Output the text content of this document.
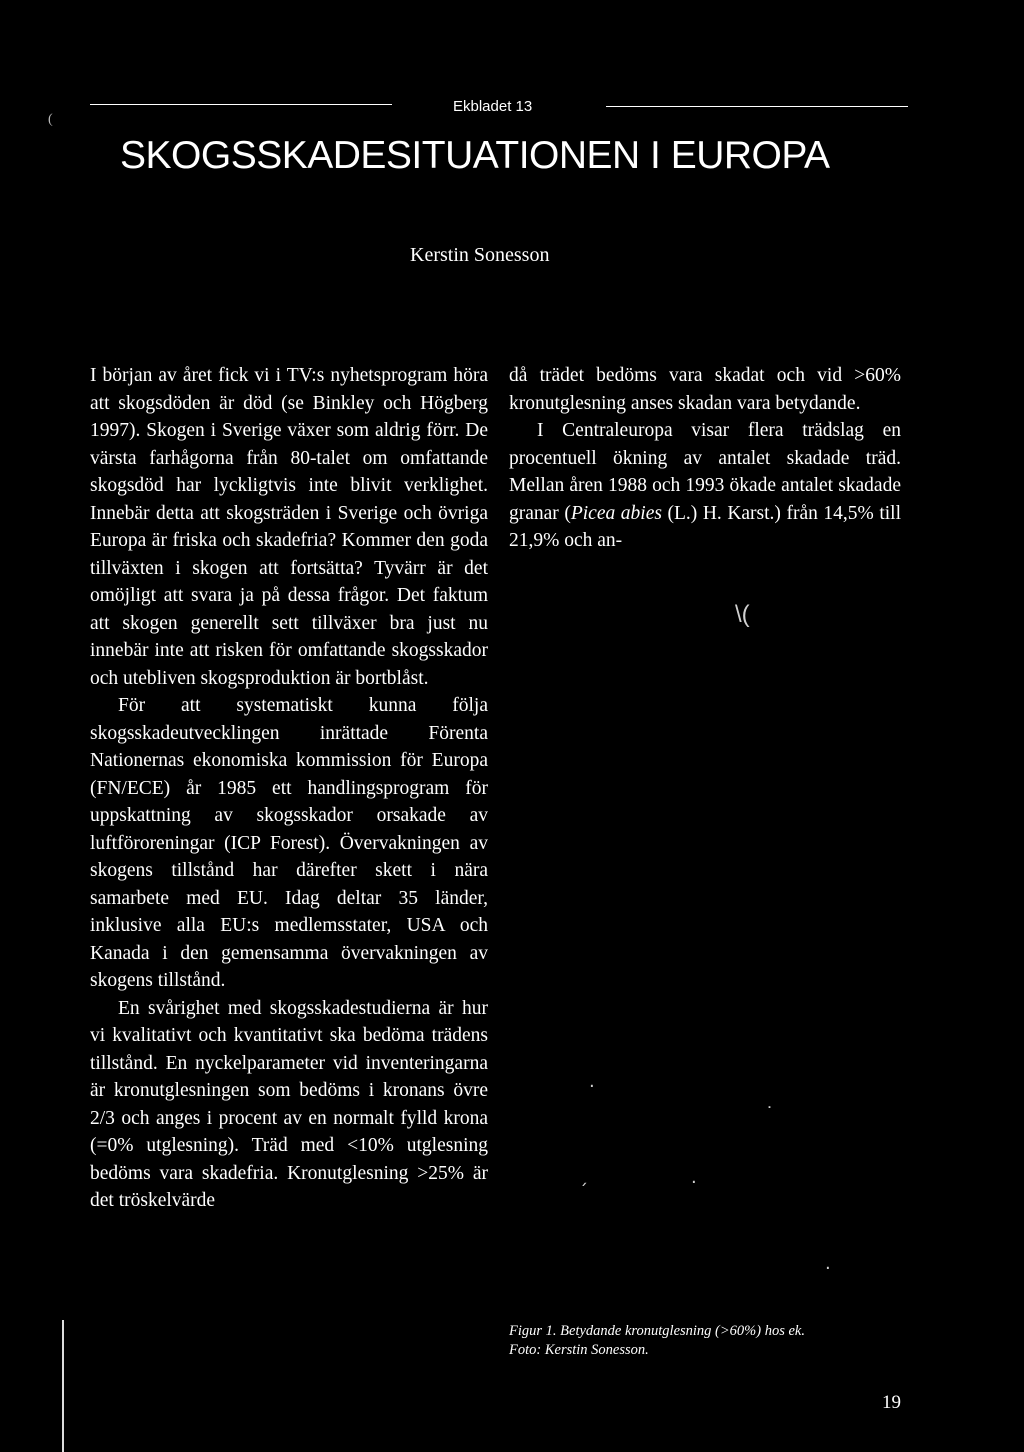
(
Ekbladet 13
SKOGSSKADESITUATIONEN I EUROPA
Kerstin Sonesson

I början av året fick vi i TV:s nyhetsprogram höra att skogsdöden är död (se Binkley och Högberg 1997). Skogen i Sverige växer som aldrig förr. De värsta farhågorna från 80-talet om omfattande skogsdöd har lyckligtvis inte blivit verklighet. Innebär detta att skogsträden i Sverige och övriga Europa är friska och skadefria? Kommer den goda tillväxten i skogen att fortsätta? Tyvärr är det omöjligt att svara ja på dessa frågor. Det faktum att skogen generellt sett tillväxer bra just nu innebär inte att risken för omfattande skogsskador och utebliven skogsproduktion är bortblåst.

För att systematiskt kunna följa skogsskadeutvecklingen inrättade Förenta Nationernas ekonomiska kommission för Europa (FN/ECE) år 1985 ett handlingsprogram för uppskattning av skogsskador orsakade av luftföroreningar (ICP Forest). Övervakningen av skogens tillstånd har därefter skett i nära samarbete med EU. Idag deltar 35 länder, inklusive alla EU:s medlemsstater, USA och Kanada i den gemensamma övervakningen av skogens tillstånd.

En svårighet med skogsskadestudierna är hur vi kvalitativt och kvantitativt ska bedöma trädens tillstånd. En nyckelparameter vid inventeringarna är kronutglesningen som bedöms i kronans övre 2/3 och anges i procent av en normalt fylld krona (=0% utglesning). Träd med <10% utglesning bedöms vara skadefria. Kronutglesning >25% är det tröskelvärde

då trädet bedöms vara skadat och vid >60% kronutglesning anses skadan vara betydande.

I Centraleuropa visar flera trädslag en procentuell ökning av antalet skadade träd. Mellan åren 1988 och 1993 ökade antalet skadade granar (Picea abies (L.) H. Karst.) från 14,5% till 21,9% och an-

\(
·
˙
ˏ	·
·
Figur 1. Betydande kronutglesning (>60%) hos ek.
Foto: Kerstin Sonesson.
19
